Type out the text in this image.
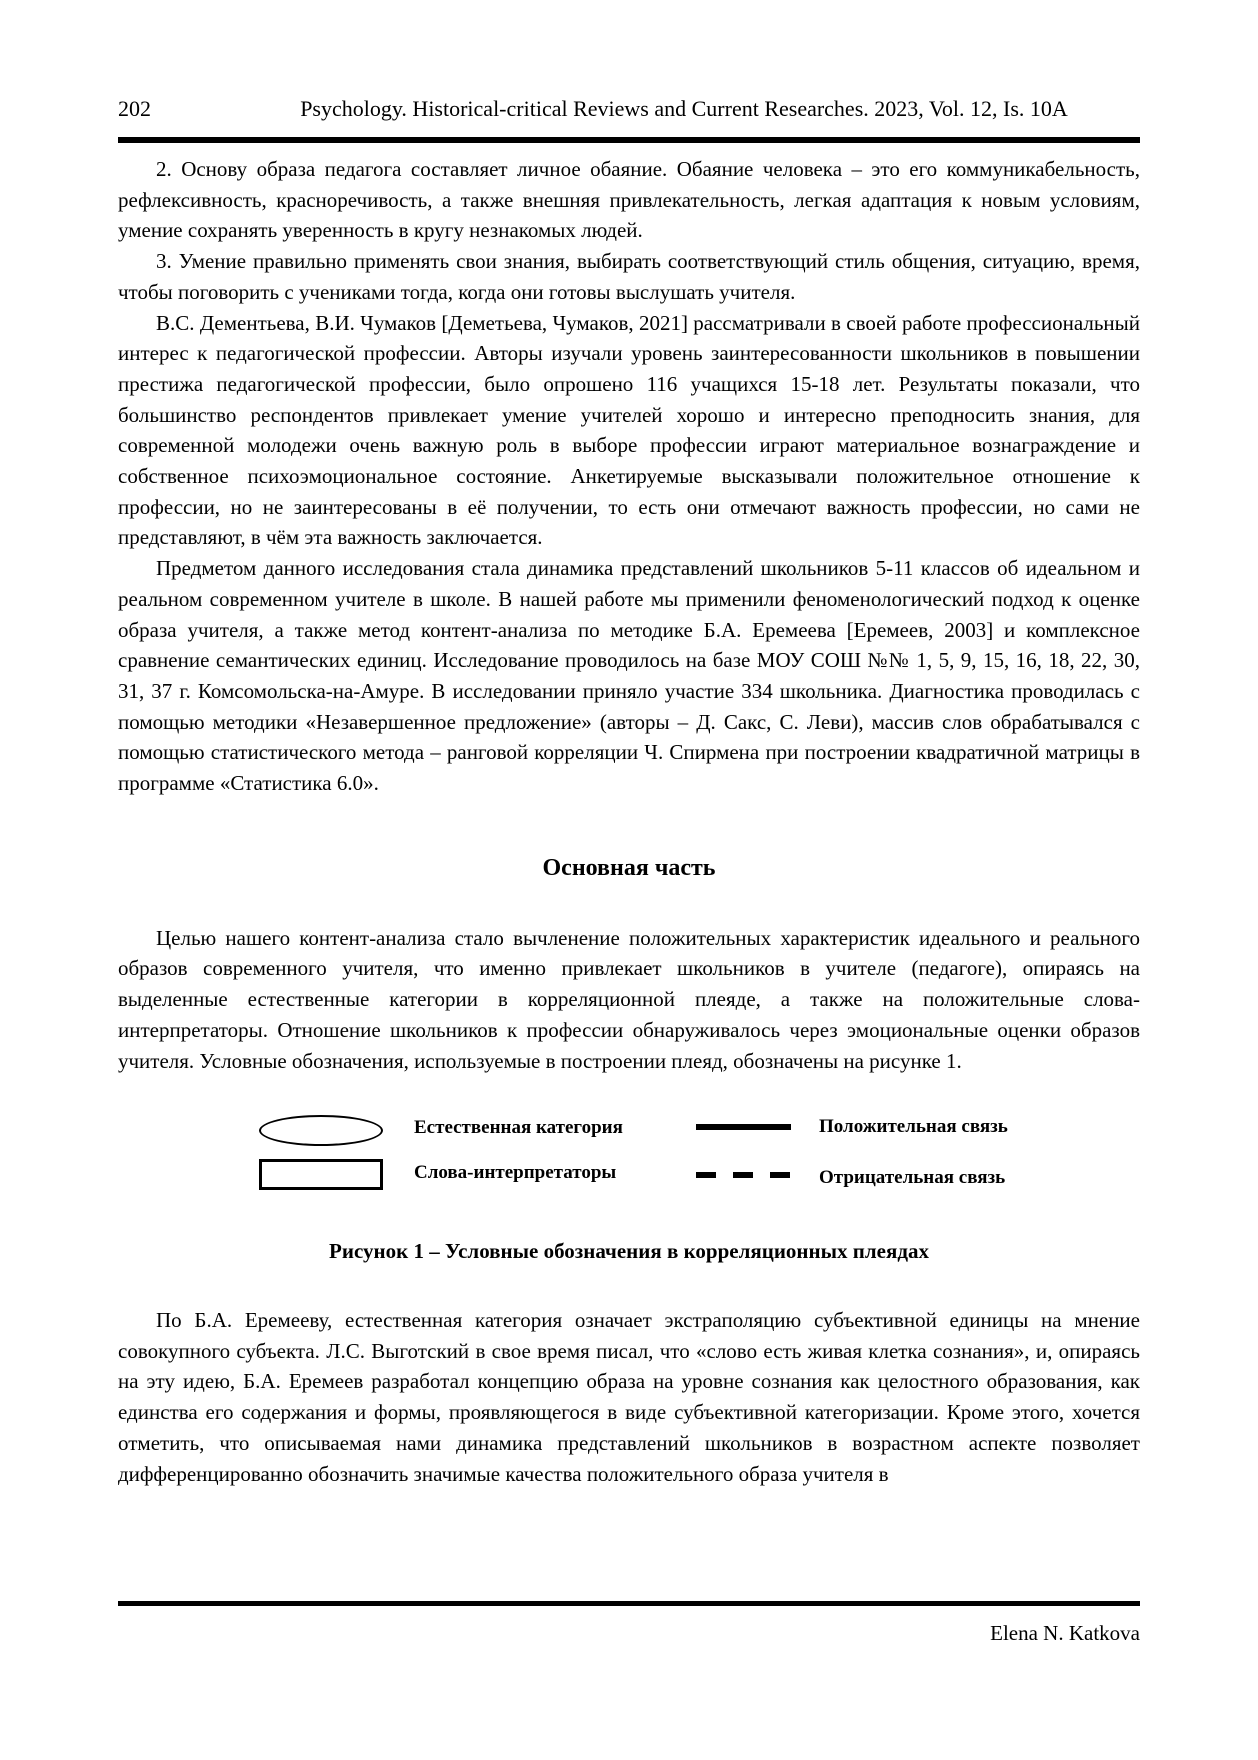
202	Psychology. Historical-critical Reviews and Current Researches. 2023, Vol. 12, Is. 10A

2. Основу образа педагога составляет личное обаяние. Обаяние человека – это его коммуникабельность, рефлексивность, красноречивость, а также внешняя привлекательность, легкая адаптация к новым условиям, умение сохранять уверенность в кругу незнакомых людей.

3. Умение правильно применять свои знания, выбирать соответствующий стиль общения, ситуацию, время, чтобы поговорить с учениками тогда, когда они готовы выслушать учителя.

В.С. Дементьева, В.И. Чумаков [Деметьева, Чумаков, 2021] рассматривали в своей работе профессиональный интерес к педагогической профессии. Авторы изучали уровень заинтересованности школьников в повышении престижа педагогической профессии, было опрошено 116 учащихся 15-18 лет. Результаты показали, что большинство респондентов привлекает умение учителей хорошо и интересно преподносить знания, для современной молодежи очень важную роль в выборе профессии играют материальное вознаграждение и собственное психоэмоциональное состояние. Анкетируемые высказывали положительное отношение к профессии, но не заинтересованы в её получении, то есть они отмечают важность профессии, но сами не представляют, в чём эта важность заключается.

Предметом данного исследования стала динамика представлений школьников 5-11 классов об идеальном и реальном современном учителе в школе. В нашей работе мы применили феноменологический подход к оценке образа учителя, а также метод контент-анализа по методике Б.А. Еремеева [Еремеев, 2003] и комплексное сравнение семантических единиц. Исследование проводилось на базе МОУ СОШ №№ 1, 5, 9, 15, 16, 18, 22, 30, 31, 37 г. Комсомольска-на-Амуре. В исследовании приняло участие 334 школьника. Диагностика проводилась с помощью методики «Незавершенное предложение» (авторы – Д. Сакс, С. Леви), массив слов обрабатывался с помощью статистического метода – ранговой корреляции Ч. Спирмена при построении квадратичной матрицы в программе «Статистика 6.0».

Основная часть

Целью нашего контент-анализа стало вычленение положительных характеристик идеального и реального образов современного учителя, что именно привлекает школьников в учителе (педагоге), опираясь на выделенные естественные категории в корреляционной плеяде, а также на положительные слова-интерпретаторы. Отношение школьников к профессии обнаруживалось через эмоциональные оценки образов учителя. Условные обозначения, используемые в построении плеяд, обозначены на рисунке 1.

Естественная категория	Положительная связь
Слова-интерпретаторы	Отрицательная связь
Рисунок 1 – Условные обозначения в корреляционных плеядах

По Б.А. Еремееву, естественная категория означает экстраполяцию субъективной единицы на мнение совокупного субъекта. Л.С. Выготский в свое время писал, что «слово есть живая клетка сознания», и, опираясь на эту идею, Б.А. Еремеев разработал концепцию образа на уровне сознания как целостного образования, как единства его содержания и формы, проявляющегося в виде субъективной категоризации. Кроме этого, хочется отметить, что описываемая нами динамика представлений школьников в возрастном аспекте позволяет дифференцированно обозначить значимые качества положительного образа учителя в

Elena N. Katkova
